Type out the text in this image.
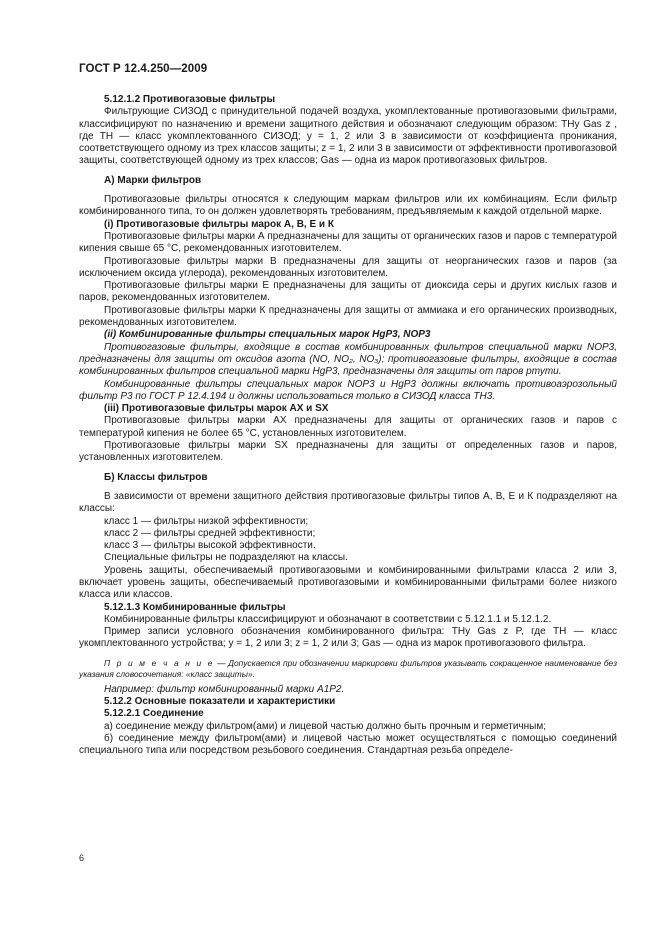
ГОСТ Р 12.4.250—2009

5.12.1.2 Противогазовые фильтры

Фильтрующие СИЗОД с принудительной подачей воздуха, укомплектованные противогазовыми фильтрами, классифицируют по назначению и времени защитного действия и обозначают следующим образом: ТНу Gas z , где ТН — класс укомплектованного СИЗОД; у = 1, 2 или 3 в зависимости от коэффициента проникания, соответствующего одному из трех классов защиты; z = 1, 2 или 3 в зависимости от эффективности противогазовой защиты, соответствующей одному из трех классов; Gas — одна из марок противогазовых фильтров.

А) Марки фильтров

Противогазовые фильтры относятся к следующим маркам фильтров или их комбинациям. Если фильтр комбинированного типа, то он должен удовлетворять требованиям, предъявляемым к каждой отдельной марке.

(i) Противогазовые фильтры марок А, В, Е и К

Противогазовые фильтры марки А предназначены для защиты от органических газов и паров с температурой кипения свыше 65 °С, рекомендованных изготовителем.

Противогазовые фильтры марки В предназначены для защиты от неорганических газов и паров (за исключением оксида углерода), рекомендованных изготовителем.

Противогазовые фильтры марки Е предназначены для защиты от диоксида серы и других кислых газов и паров, рекомендованных изготовителем.

Противогазовые фильтры марки К предназначены для защиты от аммиака и его органических производных, рекомендованных изготовителем.

(ii) Комбинированные фильтры специальных марок HgP3, NOP3

Противогазовые фильтры, входящие в состав комбинированных фильтров специальной марки NOP3, предназначены для защиты от оксидов азота (NO, NO₂, NO₃); противогазовые фильтры, входящие в состав комбинированных фильтров специальной марки HgP3, предназначены для защиты от паров ртути.

Комбинированные фильтры специальных марок NOP3 и HgP3 должны включать противоаэрозольный фильтр Р3 по ГОСТ Р 12.4.194 и должны использоваться только в СИЗОД класса ТН3.

(iii) Противогазовые фильтры марок АХ и SX

Противогазовые фильтры марки АХ предназначены для защиты от органических газов и паров с температурой кипения не более 65 °С, установленных изготовителем.

Противогазовые фильтры марки SX предназначены для защиты от определенных газов и паров, установленных изготовителем.

Б) Классы фильтров

В зависимости от времени защитного действия противогазовые фильтры типов А, В, Е и К подразделяют на классы:

класс 1 — фильтры низкой эффективности;

класс 2 — фильтры средней эффективности;

класс 3 — фильтры высокой эффективности.

Специальные фильтры не подразделяют на классы.

Уровень защиты, обеспечиваемый противогазовыми и комбинированными фильтрами класса 2 или 3, включает уровень защиты, обеспечиваемый противогазовыми и комбинированными фильтрами более низкого класса или классов.

5.12.1.3 Комбинированные фильтры

Комбинированные фильтры классифицируют и обозначают в соответствии с 5.12.1.1 и 5.12.1.2.

Пример записи условного обозначения комбинированного фильтра: ТНу Gas z P, где ТН — класс укомплектованного устройства; у = 1, 2 или 3; z = 1, 2 или 3; Gas — одна из марок противогазового фильтра.

П р и м е ч а н и е — Допускается при обозначении маркировки фильтров указывать сокращенное наименование без указания словосочетания: «класс защиты».

Например: фильтр комбинированный марки А1Р2.

5.12.2 Основные показатели и характеристики

5.12.2.1 Соединение

а) соединение между фильтром(ами) и лицевой частью должно быть прочным и герметичным;

б) соединение между фильтром(ами) и лицевой частью может осуществляться с помощью соединений специального типа или посредством резьбового соединения. Стандартная резьба определе-

6
